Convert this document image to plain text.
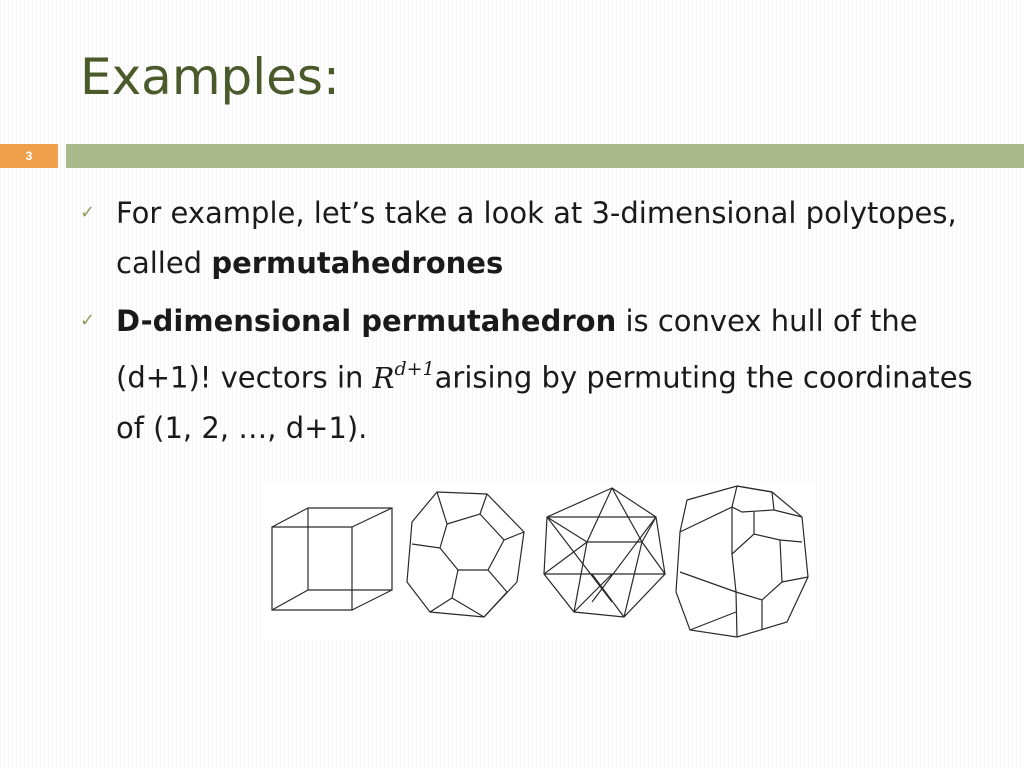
Examples:
3
✓ For example, let’s take a look at 3-dimensional polytopes, called permutahedrones
✓ D-dimensional permutahedron is convex hull of the (d+1)! vectors in $R^{d+1}arising$ by permuting the coordinates of (1, 2, …, d+1).
